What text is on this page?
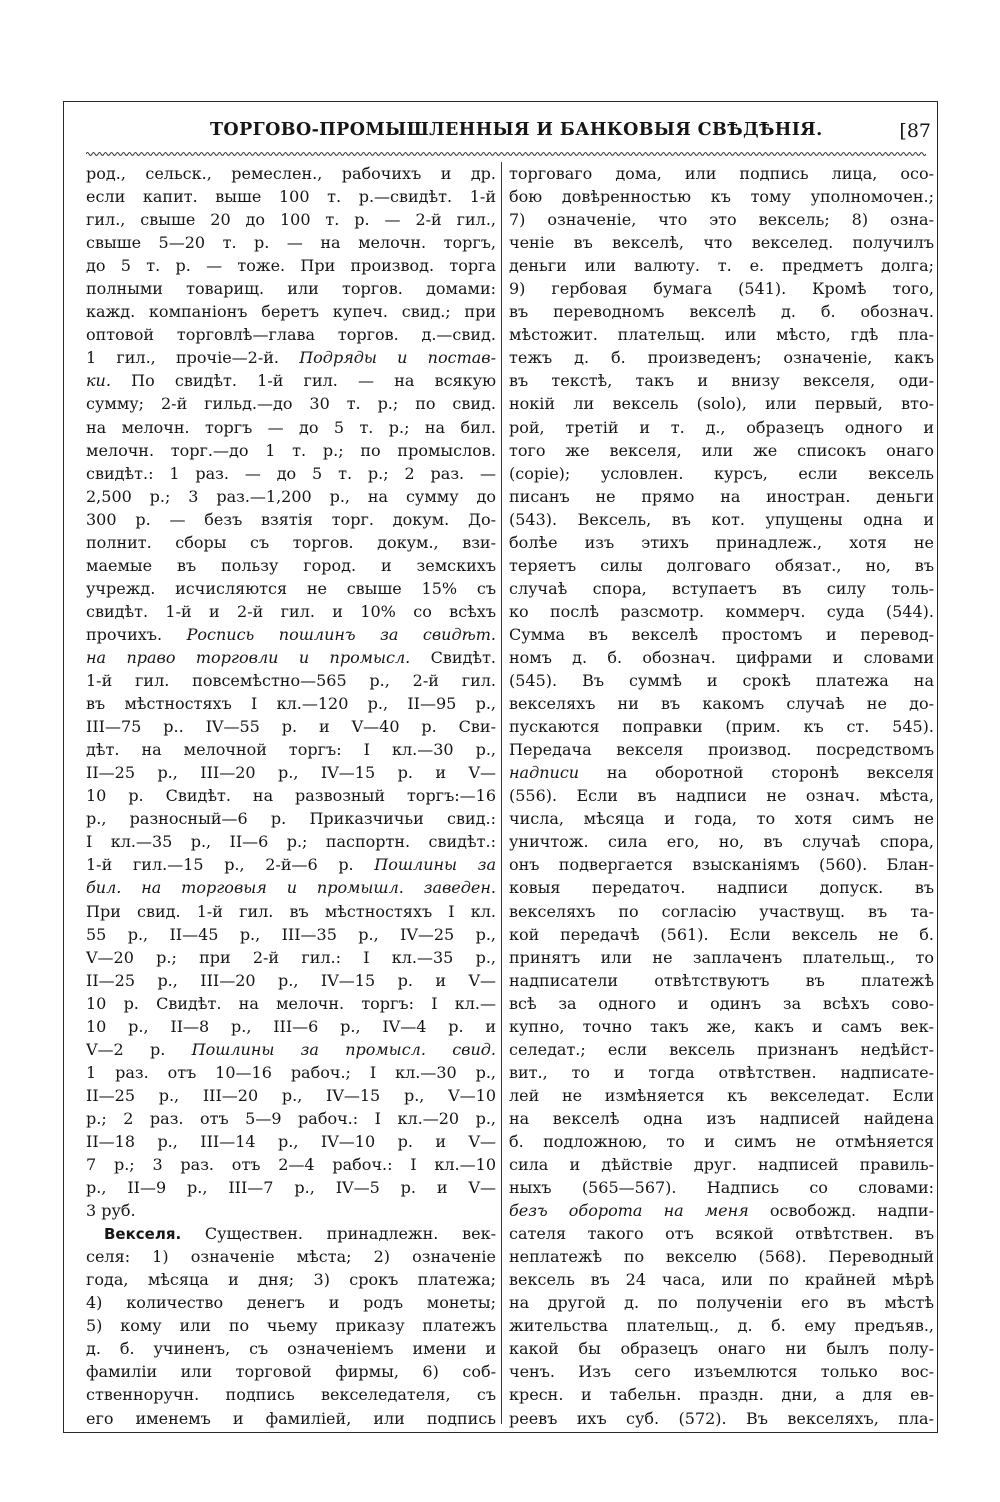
ТОРГОВО-ПРОМЫШЛЕННЫЯ И БАНКОВЫЯ СВѢДѢНІЯ.	[87
род., сельск., ремеслен., рабочихъ и др.
если капит. выше 100 т. р.—свидѣт. 1-й
гил., свыше 20 до 100 т. р. — 2-й гил.,
свыше 5—20 т. р. — на мелочн. торгъ,
до 5 т. р. — тоже. При производ. торга
полными товарищ. или торгов. домами:
кажд. компаніонъ беретъ купеч. свид.; при
оптовой торговлѣ—глава торгов. д.—свид.
1 гил., прочіе—2-й. Подряды и постав-
ки. По свидѣт. 1-й гил. — на всякую
сумму; 2-й гильд.—до 30 т. р.; по свид.
на мелочн. торгъ — до 5 т. р.; на бил.
мелочн. торг.—до 1 т. р.; по промыслов.
свидѣт.: 1 раз. — до 5 т. р.; 2 раз. —
2,500 р.; 3 раз.—1,200 р., на сумму до
300 р. — безъ взятія торг. докум. До-
полнит. сборы съ торгов. докум., взи-
маемые въ пользу город. и земскихъ
учрежд. исчисляются не свыше 15% съ
свидѣт. 1-й и 2-й гил. и 10% со всѣхъ
прочихъ. Роспись пошлинъ за свидѣт.
на право торговли и промысл. Свидѣт.
1-й гил. повсемѣстно—565 р., 2-й гил.
въ мѣстностяхъ I кл.—120 р., II—95 р.,
III—75 р.. IV—55 р. и V—40 р. Сви-
дѣт. на мелочной торгъ: I кл.—30 р.,
II—25 р., III—20 р., IV—15 р. и V—
10 р. Свидѣт. на развозный торгъ:—16
р., разносный—6 р. Приказчичьи свид.:
I кл.—35 р., II—6 р.; паспортн. свидѣт.:
1-й гил.—15 р., 2-й—6 р. Пошлины за
бил. на торговыя и промышл. заведен.
При свид. 1-й гил. въ мѣстностяхъ I кл.
55 р., II—45 р., III—35 р., IV—25 р.,
V—20 р.; при 2-й гил.: I кл.—35 р.,
II—25 р., III—20 р., IV—15 р. и V—
10 р. Свидѣт. на мелочн. торгъ: I кл.—
10 р., II—8 р., III—6 р., IV—4 р. и
V—2 р. Пошлины за промысл. свид.
1 раз. отъ 10—16 рабоч.; I кл.—30 р.,
II—25 р., III—20 р., IV—15 р., V—10
р.; 2 раз. отъ 5—9 рабоч.: I кл.—20 р.,
II—18 р., III—14 р., IV—10 р. и V—
7 р.; 3 раз. отъ 2—4 рабоч.: I кл.—10
р., II—9 р., III—7 р., IV—5 р. и V—
3 руб.
Векселя. Существен. принадлежн. век-
селя: 1) означеніе мѣста; 2) означеніе
года, мѣсяца и дня; 3) срокъ платежа;
4) количество денегъ и родъ монеты;
5) кому или по чьему приказу платежъ
д. б. учиненъ, съ означеніемъ имени и
фамиліи или торговой фирмы, 6) соб-
ственноручн. подпись векселедателя, съ
его именемъ и фамиліей, или подпись
торговаго дома, или подпись лица, осо-
бою довѣренностью къ тому уполномочен.;
7) означеніе, что это вексель; 8) озна-
ченіе въ векселѣ, что векселед. получилъ
деньги или валюту. т. е. предметъ долга;
9) гербовая бумага (541). Кромѣ того,
въ переводномъ векселѣ д. б. обознач.
мѣстожит. плательщ. или мѣсто, гдѣ пла-
тежъ д. б. произведенъ; означеніе, какъ
въ текстѣ, такъ и внизу векселя, оди-
нокій ли вексель (solo), или первый, вто-
рой, третій и т. д., образецъ одного и
того же векселя, или же списокъ онаго
(copie); условлен. курсъ, если вексель
писанъ не прямо на иностран. деньги
(543). Вексель, въ кот. упущены одна и
болѣе изъ этихъ принадлеж., хотя не
теряетъ силы долговаго обязат., но, въ
случаѣ спора, вступаетъ въ силу толь-
ко послѣ разсмотр. коммерч. суда (544).
Сумма въ векселѣ простомъ и перевод-
номъ д. б. обознач. цифрами и словами
(545). Въ суммѣ и срокѣ платежа на
векселяхъ ни въ какомъ случаѣ не до-
пускаются поправки (прим. къ ст. 545).
Передача векселя производ. посредствомъ
надписи на оборотной сторонѣ векселя
(556). Если въ надписи не означ. мѣста,
числа, мѣсяца и года, то хотя симъ не
уничтож. сила его, но, въ случаѣ спора,
онъ подвергается взысканіямъ (560). Блан-
ковыя передаточ. надписи допуск. въ
векселяхъ по согласію участвущ. въ та-
кой передачѣ (561). Если вексель не б.
принятъ или не заплаченъ плательщ., то
надписатели отвѣтствуютъ въ платежѣ
всѣ за одного и одинъ за всѣхъ сово-
купно, точно такъ же, какъ и самъ век-
селедат.; если вексель признанъ недѣйст-
вит., то и тогда отвѣтствен. надписате-
лей не измѣняется къ векселедат. Если
на векселѣ одна изъ надписей найдена
б. подложною, то и симъ не отмѣняется
сила и дѣйствіе друг. надписей правиль-
ныхъ (565—567). Надпись со словами:
безъ оборота на меня освобожд. надпи-
сателя такого отъ всякой отвѣтствен. въ
неплатежѣ по векселю (568). Переводный
вексель въ 24 часа, или по крайней мѣрѣ
на другой д. по полученіи его въ мѣстѣ
жительства плательщ., д. б. ему предъяв.,
какой бы образецъ онаго ни былъ полу-
ченъ. Изъ сего изъемлются только вос-
кресн. и табельн. праздн. дни, а для ев-
реевъ ихъ суб. (572). Въ векселяхъ, пла-
